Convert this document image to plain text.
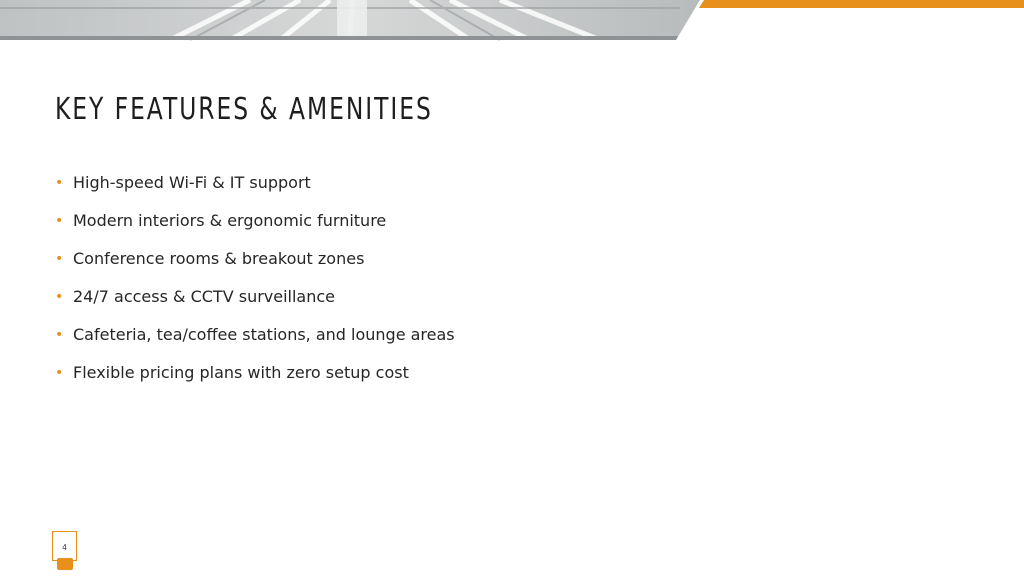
KEY FEATURES & AMENITIES
• High-speed Wi-Fi & IT support
• Modern interiors & ergonomic furniture
• Conference rooms & breakout zones
• 24/7 access & CCTV surveillance
• Cafeteria, tea/coffee stations, and lounge areas
• Flexible pricing plans with zero setup cost
4
